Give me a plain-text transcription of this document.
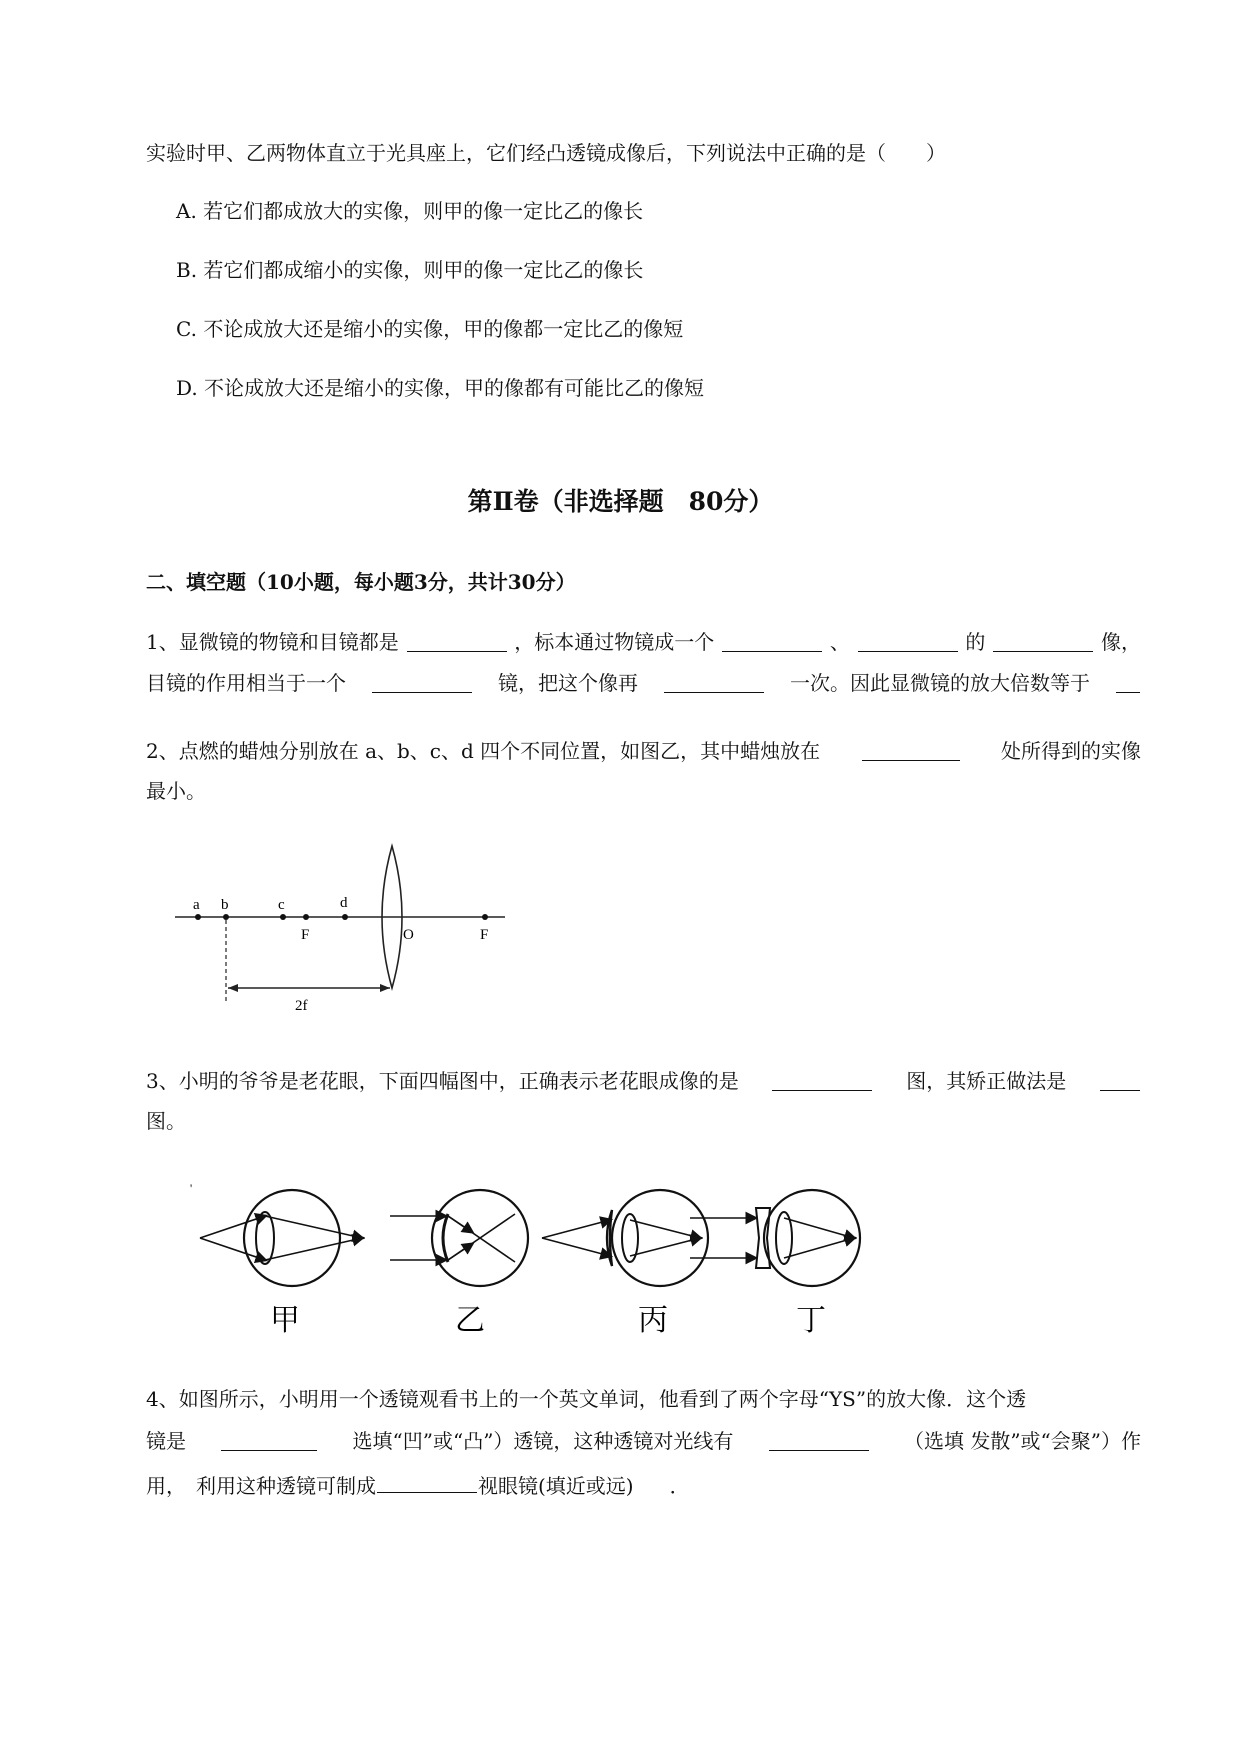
实验时甲、乙两物体直立于光具座上，它们经凸透镜成像后，下列说法中正确的是（　　）
A. 若它们都成放大的实像，则甲的像一定比乙的像长
B. 若它们都成缩小的实像，则甲的像一定比乙的像长
C. 不论成放大还是缩小的实像，甲的像都一定比乙的像短
D. 不论成放大还是缩小的实像，甲的像都有可能比乙的像短
第Ⅱ卷（非选择题　80分）
二、填空题（10小题，每小题3分，共计30分）
1、显微镜的物镜和目镜都是	，标本通过物镜成一个	、	的	像，
目镜的作用相当于一个	镜，把这个像再	一次。因此显微镜的放大倍数等于
2、点燃的蜡烛分别放在 a、b、c、d 四个不同位置，如图乙，其中蜡烛放在	处所得到的实像
最小。
a b	c	d
F	O	F
2f
3、小明的爷爷是老花眼，下面四幅图中，正确表示老花眼成像的是	图，其矫正做法是
图。
'
甲	乙	丙	丁
4、如图所示，小明用一个透镜观看书上的一个英文单词，他看到了两个字母“YS”的放大像．这个透
镜是	选填“凹”或“凸”）透镜，这种透镜对光线有	（选填 发散”或“会聚”）作
用，　利用这种透镜可制成	视眼镜(填近或远) ．
